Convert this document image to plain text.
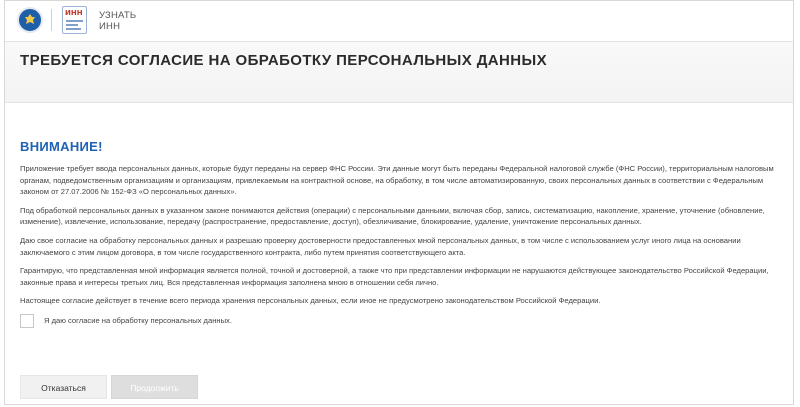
ИНН УЗНАТЬ
ИНН
ТРЕБУЕТСЯ СОГЛАСИЕ НА ОБРАБОТКУ ПЕРСОНАЛЬНЫХ ДАННЫХ
ВНИМАНИЕ!

Приложение требует ввода персональных данных, которые будут переданы на сервер ФНС России. Эти данные могут быть переданы Федеральной налоговой службе (ФНС России), территориальным налоговым органам, подведомственным организациям и организациям, привлекаемым на контрактной основе, на обработку, в том числе автоматизированную, своих персональных данных в соответствии с Федеральным законом от 27.07.2006 № 152-ФЗ «О персональных данных».

Под обработкой персональных данных в указанном законе понимаются действия (операции) с персональными данными, включая сбор, запись, систематизацию, накопление, хранение, уточнение (обновление, изменение), извлечение, использование, передачу (распространение, предоставление, доступ), обезличивание, блокирование, удаление, уничтожение персональных данных.

Даю свое согласие на обработку персональных данных и разрешаю проверку достоверности предоставленных мной персональных данных, в том числе с использованием услуг иного лица на основании заключаемого с этим лицом договора, в том числе государственного контракта, либо путем принятия соответствующего акта.

Гарантирую, что представленная мной информация является полной, точной и достоверной, а также что при представлении информации не нарушаются действующее законодательство Российской Федерации, законные права и интересы третьих лиц. Вся представленная информация заполнена мною в отношении себя лично.

Настоящее согласие действует в течение всего периода хранения персональных данных, если иное не предусмотрено законодательством Российской Федерации.

Я даю согласие на обработку персональных данных.
Отказаться	Продолжить
